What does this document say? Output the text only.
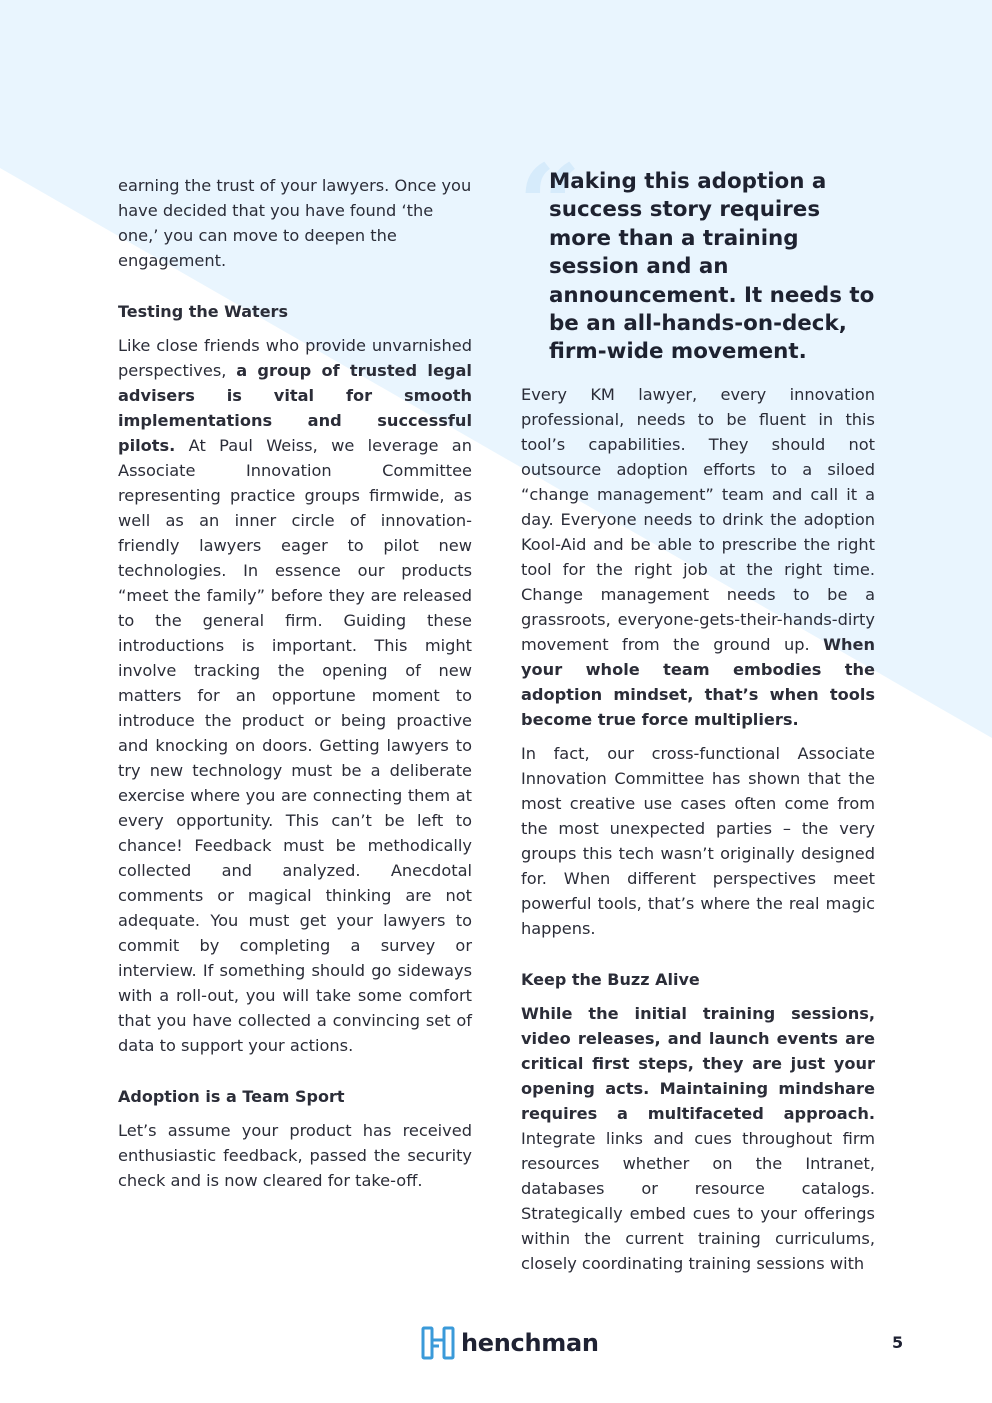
earning the trust of your lawyers. Once you have decided that you have found ‘the one,’ you can move to deepen the engagement.

Testing the Waters

Like close friends who provide unvarnished perspectives, a group of trusted legal advisers is vital for smooth implementations and successful pilots. At Paul Weiss, we leverage an Associate Innovation Committee representing practice groups firmwide, as well as an inner circle of innovation-friendly lawyers eager to pilot new technologies. In essence our products “meet the family” before they are released to the general firm. Guiding these introductions is important. This might involve tracking the opening of new matters for an opportune moment to introduce the product or being proactive and knocking on doors. Getting lawyers to try new technology must be a deliberate exercise where you are connecting them at every opportunity. This can’t be left to chance! Feedback must be methodically collected and analyzed. Anecdotal comments or magical thinking are not adequate. You must get your lawyers to commit by completing a survey or interview. If something should go sideways with a roll-out, you will take some comfort that you have collected a convincing set of data to support your actions.

Adoption is a Team Sport

Let’s assume your product has received enthusiastic feedback, passed the security check and is now cleared for take-off.

“
Making this adoption a success story requires more than a training session and an announcement. It needs to be an all-hands-on-deck, firm-wide movement.

Every KM lawyer, every innovation professional, needs to be fluent in this tool’s capabilities. They should not outsource adoption efforts to a siloed “change management” team and call it a day. Everyone needs to drink the adoption Kool-Aid and be able to prescribe the right tool for the right job at the right time. Change management needs to be a grassroots, everyone-gets-their-hands-dirty movement from the ground up. When your whole team embodies the adoption mindset, that’s when tools become true force multipliers.

In fact, our cross-functional Associate Innovation Committee has shown that the most creative use cases often come from the most unexpected parties – the very groups this tech wasn’t originally designed for. When different perspectives meet powerful tools, that’s where the real magic happens.

Keep the Buzz Alive

While the initial training sessions, video releases, and launch events are critical first steps, they are just your opening acts. Maintaining mindshare requires a multifaceted approach. Integrate links and cues throughout firm resources whether on the Intranet, databases or resource catalogs. Strategically embed cues to your offerings within the current training curriculums, closely coordinating training sessions with

henchman	5
